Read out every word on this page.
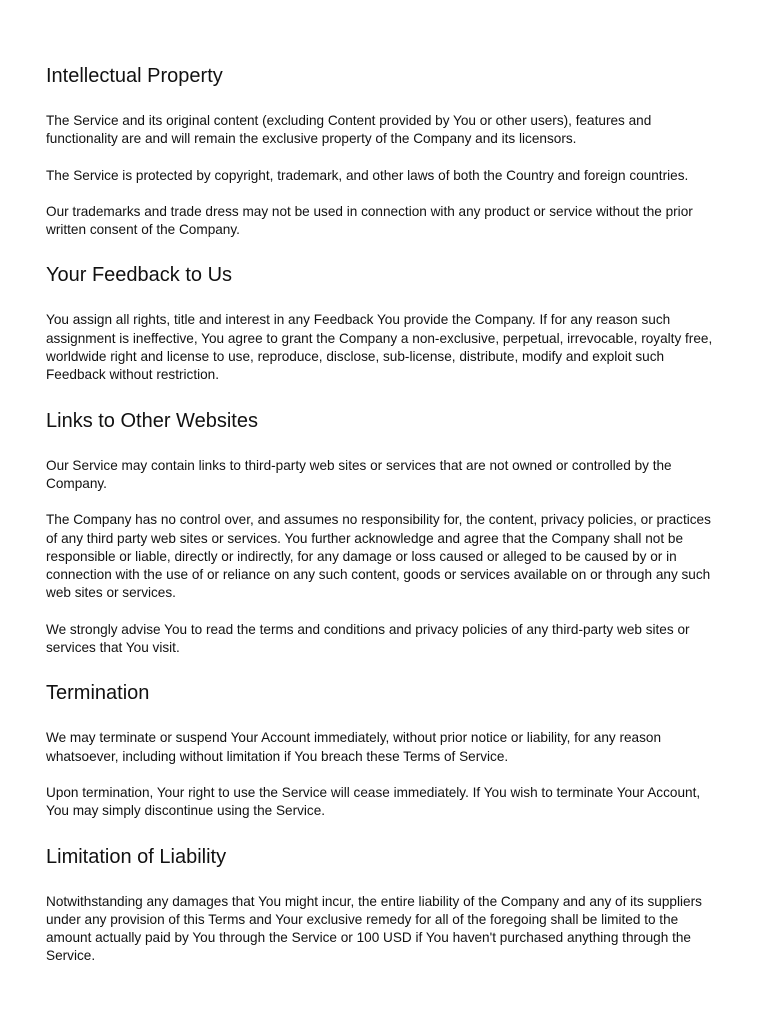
Intellectual Property

The Service and its original content (excluding Content provided by You or other users), features and functionality are and will remain the exclusive property of the Company and its licensors.

The Service is protected by copyright, trademark, and other laws of both the Country and foreign countries.

Our trademarks and trade dress may not be used in connection with any product or service without the prior written consent of the Company.

Your Feedback to Us

You assign all rights, title and interest in any Feedback You provide the Company. If for any reason such assignment is ineffective, You agree to grant the Company a non-exclusive, perpetual, irrevocable, royalty free, worldwide right and license to use, reproduce, disclose, sub-license, distribute, modify and exploit such Feedback without restriction.

Links to Other Websites

Our Service may contain links to third-party web sites or services that are not owned or controlled by the Company.

The Company has no control over, and assumes no responsibility for, the content, privacy policies, or practices of any third party web sites or services. You further acknowledge and agree that the Company shall not be responsible or liable, directly or indirectly, for any damage or loss caused or alleged to be caused by or in connection with the use of or reliance on any such content, goods or services available on or through any such web sites or services.

We strongly advise You to read the terms and conditions and privacy policies of any third-party web sites or services that You visit.

Termination

We may terminate or suspend Your Account immediately, without prior notice or liability, for any reason whatsoever, including without limitation if You breach these Terms of Service.

Upon termination, Your right to use the Service will cease immediately. If You wish to terminate Your Account, You may simply discontinue using the Service.

Limitation of Liability

Notwithstanding any damages that You might incur, the entire liability of the Company and any of its suppliers under any provision of this Terms and Your exclusive remedy for all of the foregoing shall be limited to the amount actually paid by You through the Service or 100 USD if You haven't purchased anything through the Service.
